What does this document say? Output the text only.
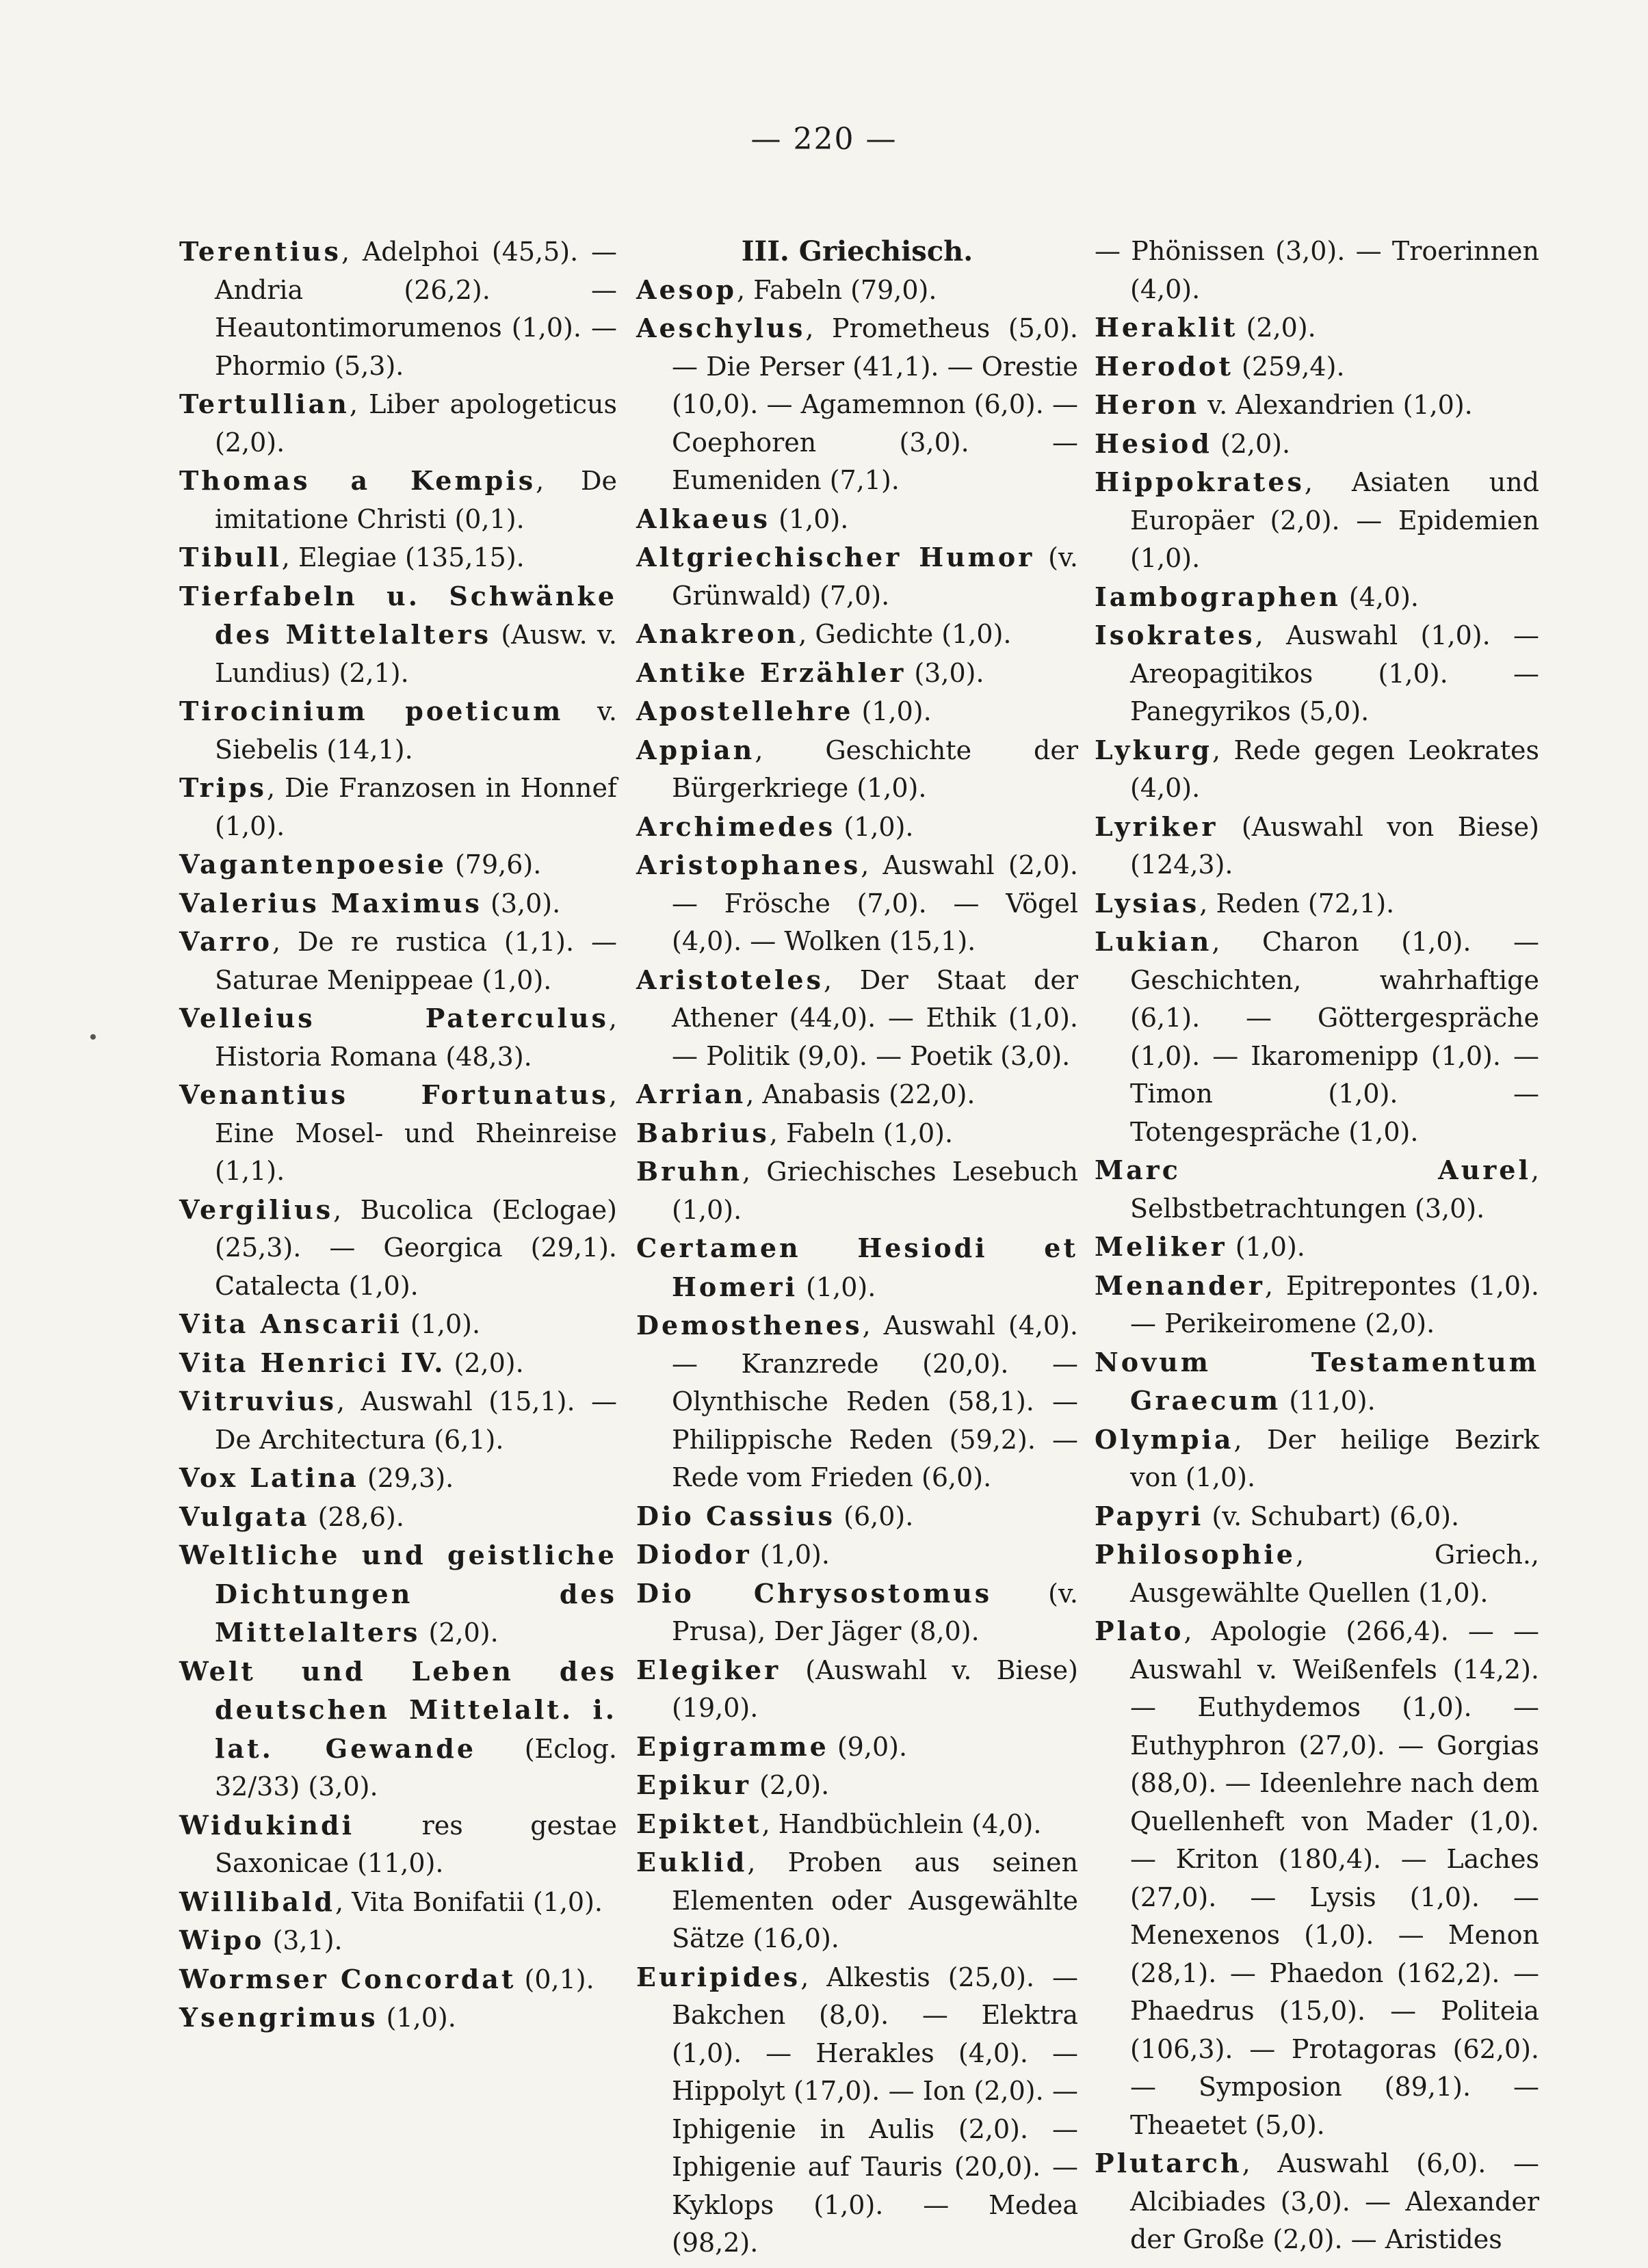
— 220 —

Terentius, Adelphoi (45,5). — Andria (26,2). — Heautontimorumenos (1,0). — Phormio (5,3).

Tertullian, Liber apologeticus (2,0).

Thomas a Kempis, De imitatione Christi (0,1).

Tibull, Elegiae (135,15).

Tierfabeln u. Schwänke des Mittelalters (Ausw. v. Lundius) (2,1).

Tirocinium poeticum v. Siebelis (14,1).

Trips, Die Franzosen in Honnef (1,0).

Vagantenpoesie (79,6).

Valerius Maximus (3,0).

Varro, De re rustica (1,1). — Saturae Menippeae (1,0).

Velleius Paterculus, Historia Romana (48,3).

Venantius Fortunatus, Eine Mosel- und Rheinreise (1,1).

Vergilius, Bucolica (Eclogae) (25,3). — Georgica (29,1). Catalecta (1,0).

Vita Anscarii (1,0).

Vita Henrici IV. (2,0).

Vitruvius, Auswahl (15,1). — De Architectura (6,1).

Vox Latina (29,3).

Vulgata (28,6).

Weltliche und geistliche Dichtungen des Mittelalters (2,0).

Welt und Leben des deutschen Mittelalt. i. lat. Gewande (Eclog. 32/33) (3,0).

Widukindi res gestae Saxonicae (11,0).

Willibald, Vita Bonifatii (1,0).

Wipo (3,1).

Wormser Concordat (0,1).

Ysengrimus (1,0).

III. Griechisch.

Aesop, Fabeln (79,0).

Aeschylus, Prometheus (5,0). — Die Perser (41,1). — Orestie (10,0). — Agamemnon (6,0). — Coephoren (3,0). — Eumeniden (7,1).

Alkaeus (1,0).

Altgriechischer Humor (v. Grünwald) (7,0).

Anakreon, Gedichte (1,0).

Antike Erzähler (3,0).

Apostellehre (1,0).

Appian, Geschichte der Bürgerkriege (1,0).

Archimedes (1,0).

Aristophanes, Auswahl (2,0). — Frösche (7,0). — Vögel (4,0). — Wolken (15,1).

Aristoteles, Der Staat der Athener (44,0). — Ethik (1,0). — Politik (9,0). — Poetik (3,0).

Arrian, Anabasis (22,0).

Babrius, Fabeln (1,0).

Bruhn, Griechisches Lesebuch (1,0).

Certamen Hesiodi et Homeri (1,0).

Demosthenes, Auswahl (4,0). — Kranzrede (20,0). — Olynthische Reden (58,1). — Philippische Reden (59,2). — Rede vom Frieden (6,0).

Dio Cassius (6,0).

Diodor (1,0).

Dio Chrysostomus (v. Prusa), Der Jäger (8,0).

Elegiker (Auswahl v. Biese) (19,0).

Epigramme (9,0).

Epikur (2,0).

Epiktet, Handbüchlein (4,0).

Euklid, Proben aus seinen Elementen oder Ausgewählte Sätze (16,0).

Euripides, Alkestis (25,0). — Bakchen (8,0). — Elektra (1,0). — Herakles (4,0). — Hippolyt (17,0). — Ion (2,0). — Iphigenie in Aulis (2,0). — Iphigenie auf Tauris (20,0). — Kyklops (1,0). — Medea (98,2).

— Phönissen (3,0). — Troerinnen (4,0).

Heraklit (2,0).

Herodot (259,4).

Heron v. Alexandrien (1,0).

Hesiod (2,0).

Hippokrates, Asiaten und Europäer (2,0). — Epidemien (1,0).

Iambographen (4,0).

Isokrates, Auswahl (1,0). — Areopagitikos (1,0). — Panegyrikos (5,0).

Lykurg, Rede gegen Leokrates (4,0).

Lyriker (Auswahl von Biese) (124,3).

Lysias, Reden (72,1).

Lukian, Charon (1,0). — Geschichten, wahrhaftige (6,1). — Göttergespräche (1,0). — Ikaromenipp (1,0). — Timon (1,0). — Totengespräche (1,0).

Marc Aurel, Selbstbetrachtungen (3,0).

Meliker (1,0).

Menander, Epitrepontes (1,0). — Perikeiromene (2,0).

Novum Testamentum Graecum (11,0).

Olympia, Der heilige Bezirk von (1,0).

Papyri (v. Schubart) (6,0).

Philosophie, Griech., Ausgewählte Quellen (1,0).

Plato, Apologie (266,4). — — Auswahl v. Weißenfels (14,2). — Euthydemos (1,0). — Euthyphron (27,0). — Gorgias (88,0). — Ideenlehre nach dem Quellenheft von Mader (1,0). — Kriton (180,4). — Laches (27,0). — Lysis (1,0). — Menexenos (1,0). — Menon (28,1). — Phaedon (162,2). — Phaedrus (15,0). — Politeia (106,3). — Protagoras (62,0). — Symposion (89,1). — Theaetet (5,0).

Plutarch, Auswahl (6,0). — Alcibiades (3,0). — Alexander der Große (2,0). — Aristides
